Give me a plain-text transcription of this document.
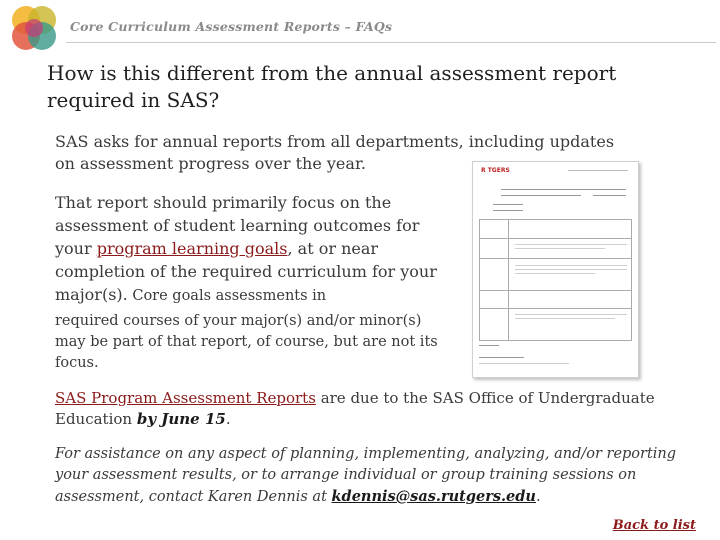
Core Curriculum Assessment Reports – FAQs
How is this different from the annual assessment report required in SAS?
SAS asks for annual reports from all departments, including updates on assessment progress over the year.
That report should primarily focus on the assessment of student learning outcomes for your program learning goals, at or near completion of the required curriculum for your major(s). Core goals assessments in
required courses of your major(s) and/or minor(s) may be part of that report, of course, but are not its focus.
R TGERS
SAS Program Assessment Reports are due to the SAS Office of Undergraduate Education by June 15.
For assistance on any aspect of planning, implementing, analyzing, and/or reporting your assessment results, or to arrange individual or group training sessions on assessment, contact Karen Dennis at kdennis@sas.rutgers.edu.
Back to list
